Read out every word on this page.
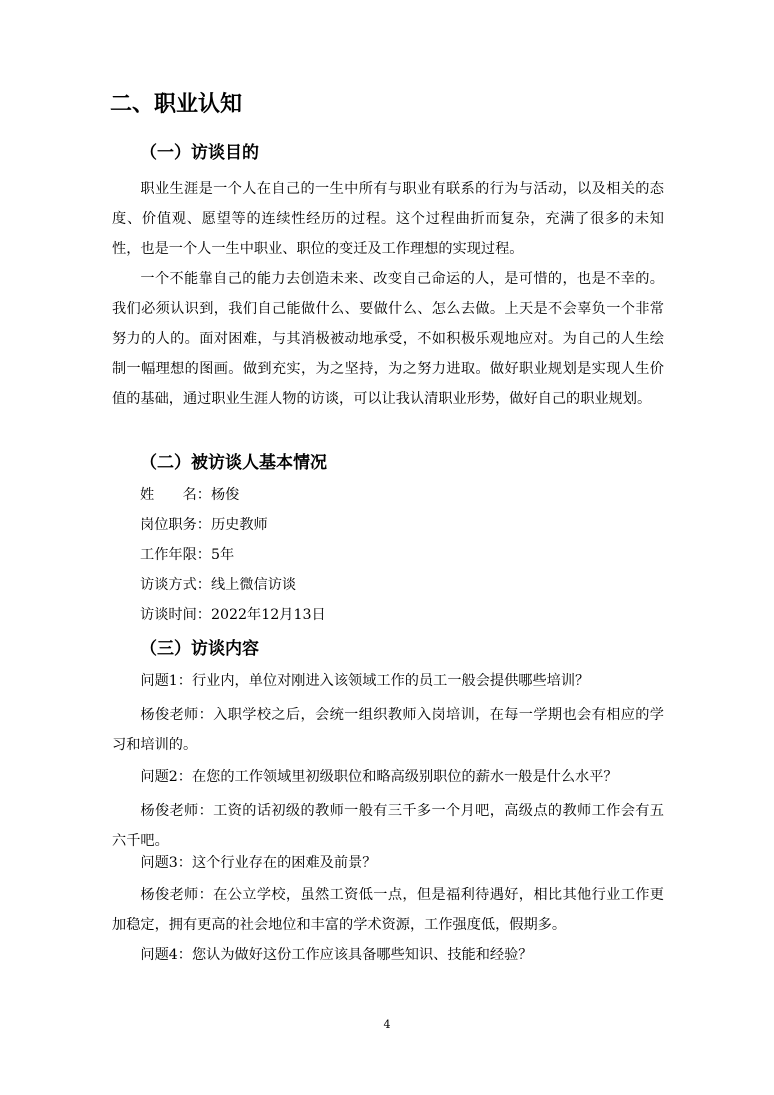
二、职业认知
（一）访谈目的

职业生涯是一个人在自己的一生中所有与职业有联系的行为与活动，以及相关的态度、价值观、愿望等的连续性经历的过程。这个过程曲折而复杂，充满了很多的未知性，也是一个人一生中职业、职位的变迁及工作理想的实现过程。

一个不能靠自己的能力去创造未来、改变自己命运的人，是可惜的，也是不幸的。我们必须认识到，我们自己能做什么、要做什么、怎么去做。上天是不会辜负一个非常努力的人的。面对困难，与其消极被动地承受，不如积极乐观地应对。为自己的人生绘制一幅理想的图画。做到充实，为之坚持，为之努力进取。做好职业规划是实现人生价值的基础，通过职业生涯人物的访谈，可以让我认清职业形势，做好自己的职业规划。

（二）被访谈人基本情况

姓　　名：杨俊

岗位职务：历史教师

工作年限：5年

访谈方式：线上微信访谈

访谈时间：2022年12月13日

（三）访谈内容

问题1：行业内，单位对刚进入该领域工作的员工一般会提供哪些培训？

杨俊老师：入职学校之后，会统一组织教师入岗培训，在每一学期也会有相应的学习和培训的。

问题2：在您的工作领域里初级职位和略高级别职位的薪水一般是什么水平？

杨俊老师：工资的话初级的教师一般有三千多一个月吧，高级点的教师工作会有五六千吧。

问题3：这个行业存在的困难及前景？

杨俊老师：在公立学校，虽然工资低一点，但是福利待遇好，相比其他行业工作更加稳定，拥有更高的社会地位和丰富的学术资源，工作强度低，假期多。

问题4：您认为做好这份工作应该具备哪些知识、技能和经验？

4
